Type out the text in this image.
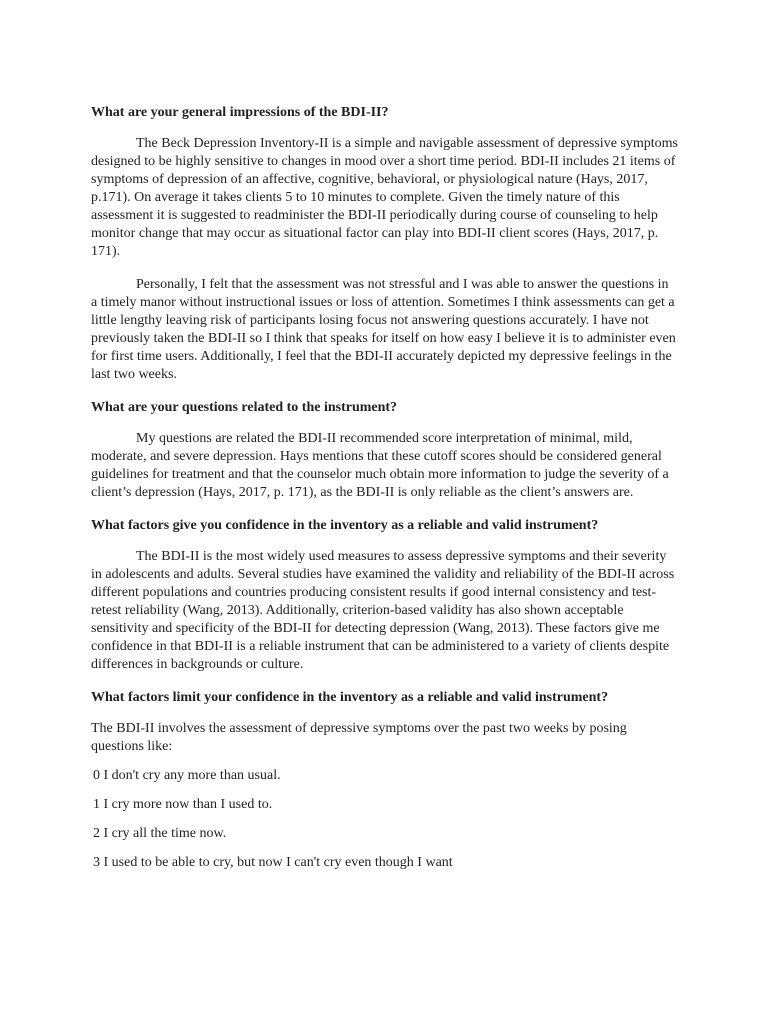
What are your general impressions of the BDI-II?

The Beck Depression Inventory-II is a simple and navigable assessment of depressive symptoms designed to be highly sensitive to changes in mood over a short time period. BDI-II includes 21 items of symptoms of depression of an affective, cognitive, behavioral, or physiological nature (Hays, 2017, p.171). On average it takes clients 5 to 10 minutes to complete. Given the timely nature of this assessment it is suggested to readminister the BDI-II periodically during course of counseling to help monitor change that may occur as situational factor can play into BDI-II client scores (Hays, 2017, p. 171).

Personally, I felt that the assessment was not stressful and I was able to answer the questions in a timely manor without instructional issues or loss of attention. Sometimes I think assessments can get a little lengthy leaving risk of participants losing focus not answering questions accurately. I have not previously taken the BDI-II so I think that speaks for itself on how easy I believe it is to administer even for first time users. Additionally, I feel that the BDI-II accurately depicted my depressive feelings in the last two weeks.

What are your questions related to the instrument?

My questions are related the BDI-II recommended score interpretation of minimal, mild, moderate, and severe depression. Hays mentions that these cutoff scores should be considered general guidelines for treatment and that the counselor much obtain more information to judge the severity of a client’s depression (Hays, 2017, p. 171), as the BDI-II is only reliable as the client’s answers are.

What factors give you confidence in the inventory as a reliable and valid instrument?

The BDI-II is the most widely used measures to assess depressive symptoms and their severity in adolescents and adults. Several studies have examined the validity and reliability of the BDI-II across different populations and countries producing consistent results if good internal consistency and test-retest reliability (Wang, 2013). Additionally, criterion-based validity has also shown acceptable sensitivity and specificity of the BDI-II for detecting depression (Wang, 2013). These factors give me confidence in that BDI-II is a reliable instrument that can be administered to a variety of clients despite differences in backgrounds or culture.

What factors limit your confidence in the inventory as a reliable and valid instrument?

The BDI-II involves the assessment of depressive symptoms over the past two weeks by posing questions like:

0 I don't cry any more than usual.

1 I cry more now than I used to.

2 I cry all the time now.

3 I used to be able to cry, but now I can't cry even though I want
